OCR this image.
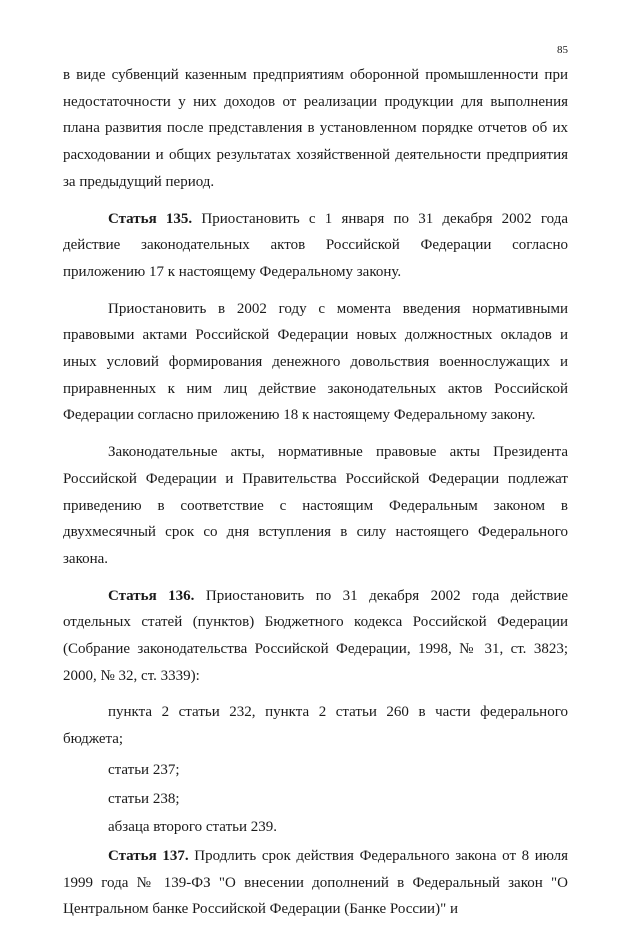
85

в виде субвенций казенным предприятиям оборонной промышленности при недостаточности у них доходов от реализации продукции для выполнения плана развития после представления в установленном порядке отчетов об их расходовании и общих результатах хозяйственной деятельности предприятия за предыдущий период.

Статья 135. Приостановить с 1 января по 31 декабря 2002 года действие законодательных актов Российской Федерации согласно приложению 17 к настоящему Федеральному закону.

Приостановить в 2002 году с момента введения нормативными правовыми актами Российской Федерации новых должностных окладов и иных условий формирования денежного довольствия военнослужащих и приравненных к ним лиц действие законодательных актов Российской Федерации согласно приложению 18 к настоящему Федеральному закону.

Законодательные акты, нормативные правовые акты Президента Российской Федерации и Правительства Российской Федерации подлежат приведению в соответствие с настоящим Федеральным законом в двухмесячный срок со дня вступления в силу настоящего Федерального закона.

Статья 136. Приостановить по 31 декабря 2002 года действие отдельных статей (пунктов) Бюджетного кодекса Российской Федерации (Собрание законодательства Российской Федерации, 1998, № 31, ст. 3823; 2000, № 32, ст. 3339):

пункта 2 статьи 232, пункта 2 статьи 260 в части федерального бюджета;

статьи 237;

статьи 238;

абзаца второго статьи 239.

Статья 137. Продлить срок действия Федерального закона от 8 июля 1999 года № 139-ФЗ "О внесении дополнений в Федеральный закон "О Центральном банке Российской Федерации (Банке России)" и
